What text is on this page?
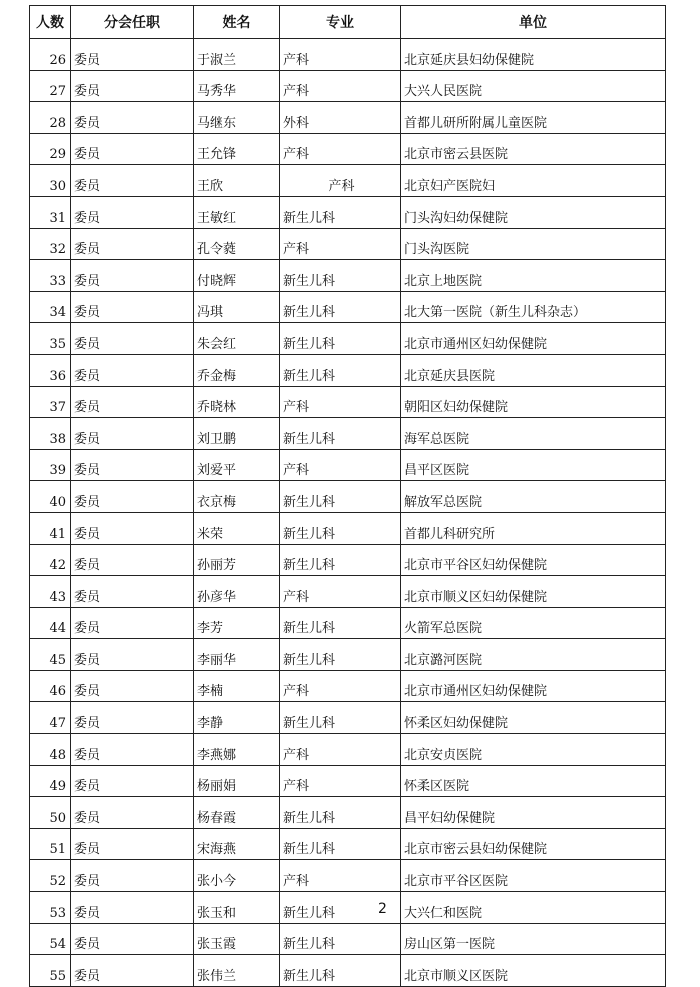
人数	分会任职	姓名	专业	单位
26	委员	于淑兰	产科	北京延庆县妇幼保健院
27	委员	马秀华	产科	大兴人民医院
28	委员	马继东	外科	首都儿研所附属儿童医院
29	委员	王允锋	产科	北京市密云县医院
30	委员	王欣	产科	北京妇产医院妇
31	委员	王敏红	新生儿科	门头沟妇幼保健院
32	委员	孔令蕤	产科	门头沟医院
33	委员	付晓辉	新生儿科	北京上地医院
34	委员	冯琪	新生儿科	北大第一医院（新生儿科杂志）
35	委员	朱会红	新生儿科	北京市通州区妇幼保健院
36	委员	乔金梅	新生儿科	北京延庆县医院
37	委员	乔晓林	产科	朝阳区妇幼保健院
38	委员	刘卫鹏	新生儿科	海军总医院
39	委员	刘爱平	产科	昌平区医院
40	委员	衣京梅	新生儿科	解放军总医院
41	委员	米荣	新生儿科	首都儿科研究所
42	委员	孙丽芳	新生儿科	北京市平谷区妇幼保健院
43	委员	孙彦华	产科	北京市顺义区妇幼保健院
44	委员	李芳	新生儿科	火箭军总医院
45	委员	李丽华	新生儿科	北京潞河医院
46	委员	李楠	产科	北京市通州区妇幼保健院
47	委员	李静	新生儿科	怀柔区妇幼保健院
48	委员	李燕娜	产科	北京安贞医院
49	委员	杨丽娟	产科	怀柔区医院
50	委员	杨春霞	新生儿科	昌平妇幼保健院
51	委员	宋海燕	新生儿科	北京市密云县妇幼保健院
52	委员	张小今	产科	北京市平谷区医院
53	委员	张玉和	新生儿科	大兴仁和医院
54	委员	张玉霞	新生儿科	房山区第一医院
55	委员	张伟兰	新生儿科	北京市顺义区医院
2
